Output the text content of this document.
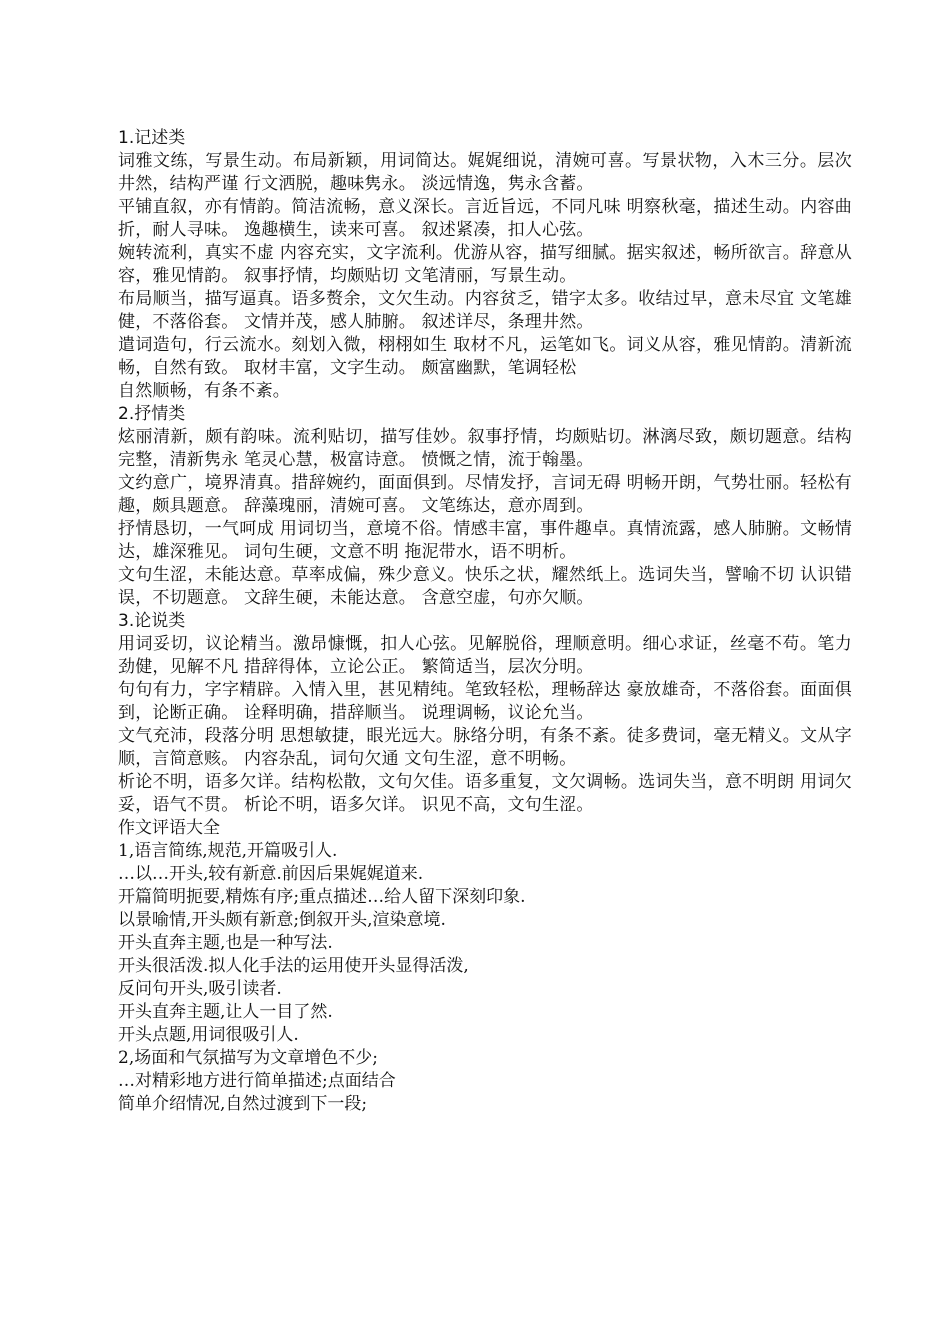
1.记述类
词雅文练，写景生动。布局新颖，用词简达。娓娓细说，清婉可喜。写景状物，入木三分。层次井然，结构严谨 行文洒脱，趣味隽永。 淡远情逸，隽永含蓄。
平铺直叙，亦有情韵。简洁流畅，意义深长。言近旨远，不同凡味 明察秋毫，描述生动。内容曲折，耐人寻味。 逸趣横生，读来可喜。 叙述紧凑，扣人心弦。
婉转流利，真实不虚 内容充实，文字流利。优游从容，描写细腻。据实叙述，畅所欲言。辞意从容，雅见情韵。 叙事抒情，均颇贴切 文笔清丽，写景生动。
布局顺当，描写逼真。语多赘余，文欠生动。内容贫乏，错字太多。收结过早，意未尽宜 文笔雄健，不落俗套。 文情并茂，感人肺腑。 叙述详尽，条理井然。
遣词造句，行云流水。刻划入微，栩栩如生 取材不凡，运笔如飞。词义从容，雅见情韵。清新流畅，自然有致。 取材丰富，文字生动。 颇富幽默，笔调轻松
自然顺畅，有条不紊。
2.抒情类
炫丽清新，颇有韵味。流利贴切，描写佳妙。叙事抒情，均颇贴切。淋漓尽致，颇切题意。结构完整，清新隽永 笔灵心慧，极富诗意。 愤慨之情，流于翰墨。
文约意广，境界清真。措辞婉约，面面俱到。尽情发抒，言词无碍 明畅开朗，气势壮丽。轻松有趣，颇具题意。 辞藻瑰丽，清婉可喜。 文笔练达，意亦周到。
抒情恳切，一气呵成 用词切当，意境不俗。情感丰富，事件趣卓。真情流露，感人肺腑。文畅情达，雄深雅见。 词句生硬，文意不明 拖泥带水，语不明析。
文句生涩，未能达意。草率成偏，殊少意义。快乐之状，耀然纸上。选词失当，譬喻不切 认识错误，不切题意。 文辞生硬，未能达意。 含意空虚，句亦欠顺。
3.论说类
用词妥切，议论精当。激昂慷慨，扣人心弦。见解脱俗，理顺意明。细心求证，丝毫不苟。笔力劲健，见解不凡 措辞得体，立论公正。 繁简适当，层次分明。
句句有力，字字精辟。入情入里，甚见精纯。笔致轻松，理畅辞达 豪放雄奇，不落俗套。面面俱到，论断正确。 诠释明确，措辞顺当。 说理调畅，议论允当。
文气充沛，段落分明 思想敏捷，眼光远大。脉络分明，有条不紊。徒多费词，毫无精义。文从字顺，言简意赅。 内容杂乱，词句欠通 文句生涩，意不明畅。
析论不明，语多欠详。结构松散，文句欠佳。语多重复，文欠调畅。选词失当，意不明朗 用词欠妥，语气不贯。 析论不明，语多欠详。 识见不高，文句生涩。
作文评语大全
1,语言简练,规范,开篇吸引人.
…以…开头,较有新意.前因后果娓娓道来.
开篇简明扼要,精炼有序;重点描述…给人留下深刻印象.
以景喻情,开头颇有新意;倒叙开头,渲染意境.
开头直奔主题,也是一种写法.
开头很活泼.拟人化手法的运用使开头显得活泼,
反问句开头,吸引读者.
开头直奔主题,让人一目了然.
开头点题,用词很吸引人.
2,场面和气氛描写为文章增色不少;
…对精彩地方进行简单描述;点面结合
简单介绍情况,自然过渡到下一段;
